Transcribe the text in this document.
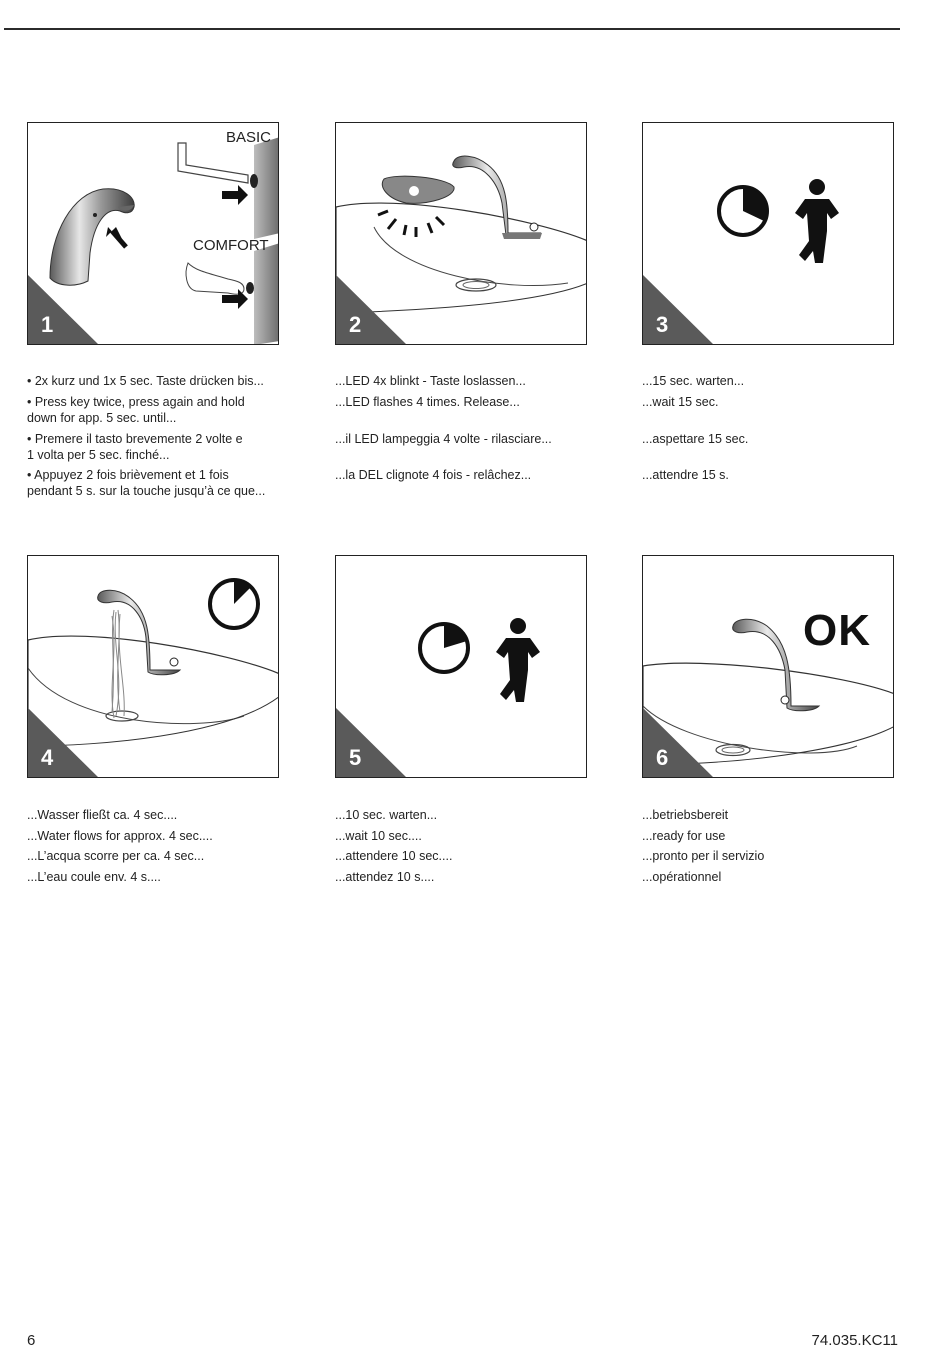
BASIC
COMFORT
1	2	3
4	5
OK
6

• 2x kurz und 1x 5 sec. Taste drücken bis...

• Press key twice, press again and hold
down for app. 5 sec. until...

• Premere il tasto brevemente 2 volte e
1 volta per 5 sec. finché...

• Appuyez 2 fois brièvement et 1 fois
pendant 5 s. sur la touche jusqu’à ce que...

...LED 4x blinkt - Taste loslassen...

...LED flashes 4 times. Release...

...il LED lampeggia 4 volte - rilasciare...

...la DEL clignote 4 fois - relâchez...

...15 sec. warten...

...wait 15 sec.

...aspettare 15 sec.

...attendre 15 s.

...Wasser fließt ca. 4 sec....

...Water flows for approx. 4 sec....

...L’acqua scorre per ca. 4 sec...

...L’eau coule env. 4 s....

...10 sec. warten...

...wait 10 sec....

...attendere 10 sec....

...attendez 10 s....

...betriebsbereit

...ready for use

...pronto per il servizio

...opérationnel

6	74.035.KC11
